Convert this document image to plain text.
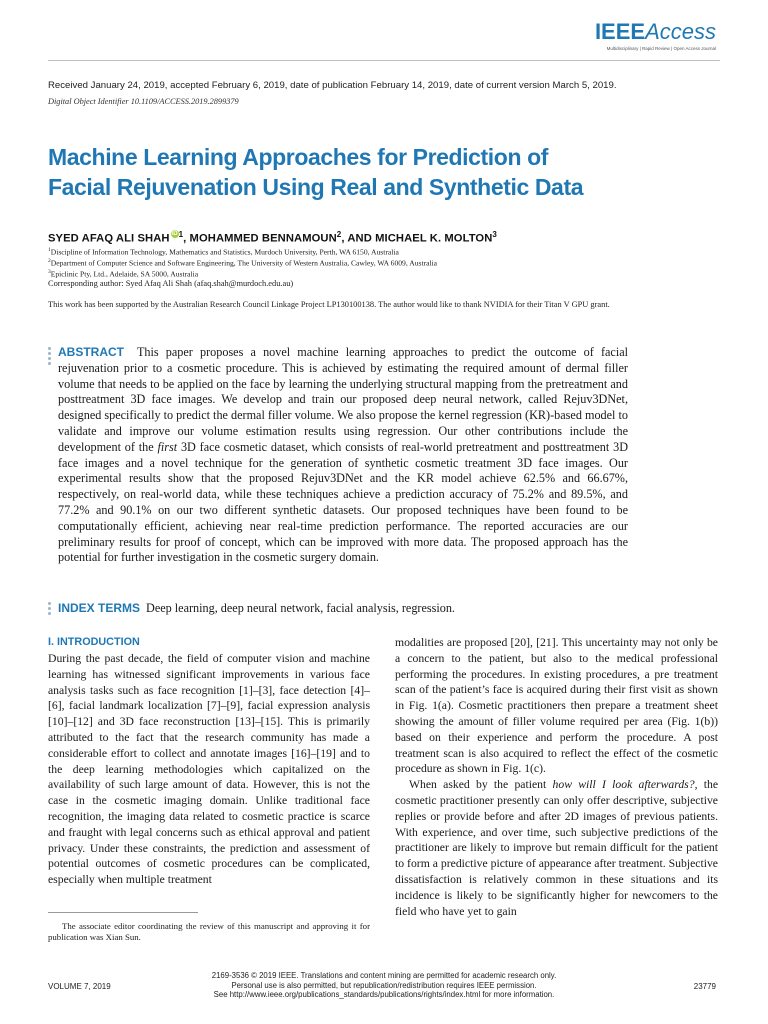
IEEEAccess
Multidisciplinary | Rapid Review | Open Access Journal
Received January 24, 2019, accepted February 6, 2019, date of publication February 14, 2019, date of current version March 5, 2019.
Digital Object Identifier 10.1109/ACCESS.2019.2899379
Machine Learning Approaches for Prediction of
Facial Rejuvenation Using Real and Synthetic Data
SYED AFAQ ALI SHAH $iD^1$, MOHAMMED BENNAMOUN$^2$, AND MICHAEL K. MOLTON$^3$
$^1$Discipline of Information Technology, Mathematics and Statistics, Murdoch University, Perth, WA 6150, Australia
$^2$Department of Computer Science and Software Engineering, The University of Western Australia, Cawley, WA 6009, Australia
$^3$Epiclinic Pty, Ltd., Adelaide, SA 5000, Australia
Corresponding author: Syed Afaq Ali Shah (afaq.shah@murdoch.edu.au)
This work has been supported by the Australian Research Council Linkage Project LP130100138. The author would like to thank NVIDIA for their Titan V GPU grant.
ABSTRACT This paper proposes a novel machine learning approaches to predict the outcome of facial rejuvenation prior to a cosmetic procedure. This is achieved by estimating the required amount of dermal filler volume that needs to be applied on the face by learning the underlying structural mapping from the pretreatment and posttreatment 3D face images. We develop and train our proposed deep neural network, called Rejuv3DNet, designed specifically to predict the dermal filler volume. We also propose the kernel regression (KR)-based model to validate and improve our volume estimation results using regression. Our other contributions include the development of the first 3D face cosmetic dataset, which consists of real-world pretreatment and posttreatment 3D face images and a novel technique for the generation of synthetic cosmetic treatment 3D face images. Our experimental results show that the proposed Rejuv3DNet and the KR model achieve 62.5% and 66.67%, respectively, on real-world data, while these techniques achieve a prediction accuracy of 75.2% and 89.5%, and 77.2% and 90.1% on our two different synthetic datasets. Our proposed techniques have been found to be computationally efficient, achieving near real-time prediction performance. The reported accuracies are our preliminary results for proof of concept, which can be improved with more data. The proposed approach has the potential for further investigation in the cosmetic surgery domain.
INDEX TERMS Deep learning, deep neural network, facial analysis, regression.
I. INTRODUCTION
During the past decade, the field of computer vision and machine learning has witnessed significant improvements in various face analysis tasks such as face recognition [1]–[3], face detection [4]–[6], facial landmark localization [7]–[9], facial expression analysis [10]–[12] and 3D face reconstruction [13]–[15]. This is primarily attributed to the fact that the research community has made a considerable effort to collect and annotate images [16]–[19] and to the deep learning methodologies which capitalized on the availability of such large amount of data. However, this is not the case in the cosmetic imaging domain. Unlike traditional face recognition, the imaging data related to cosmetic practice is scarce and fraught with legal concerns such as ethical approval and patient privacy. Under these constraints, the prediction and assessment of potential outcomes of cosmetic procedures can be complicated, especially when multiple treatment
modalities are proposed [20], [21]. This uncertainty may not only be a concern to the patient, but also to the medical professional performing the procedures. In existing procedures, a pre treatment scan of the patient’s face is acquired during their first visit as shown in Fig. 1(a). Cosmetic practitioners then prepare a treatment sheet showing the amount of filler volume required per area (Fig. 1(b)) based on their experience and perform the procedure. A post treatment scan is also acquired to reflect the effect of the cosmetic procedure as shown in Fig. 1(c).
When asked by the patient how will I look afterwards?, the cosmetic practitioner presently can only offer descriptive, subjective replies or provide before and after 2D images of previous patients. With experience, and over time, such subjective predictions of the practitioner are likely to improve but remain difficult for the patient to form a predictive picture of appearance after treatment. Subjective dissatisfaction is relatively common in these situations and its incidence is likely to be significantly higher for newcomers to the field who have yet to gain
The associate editor coordinating the review of this manuscript and approving it for publication was Xian Sun.
2169-3536 © 2019 IEEE. Translations and content mining are permitted for academic research only.
Personal use is also permitted, but republication/redistribution requires IEEE permission.
See http://www.ieee.org/publications_standards/publications/rights/index.html for more information.
VOLUME 7, 2019	23779
